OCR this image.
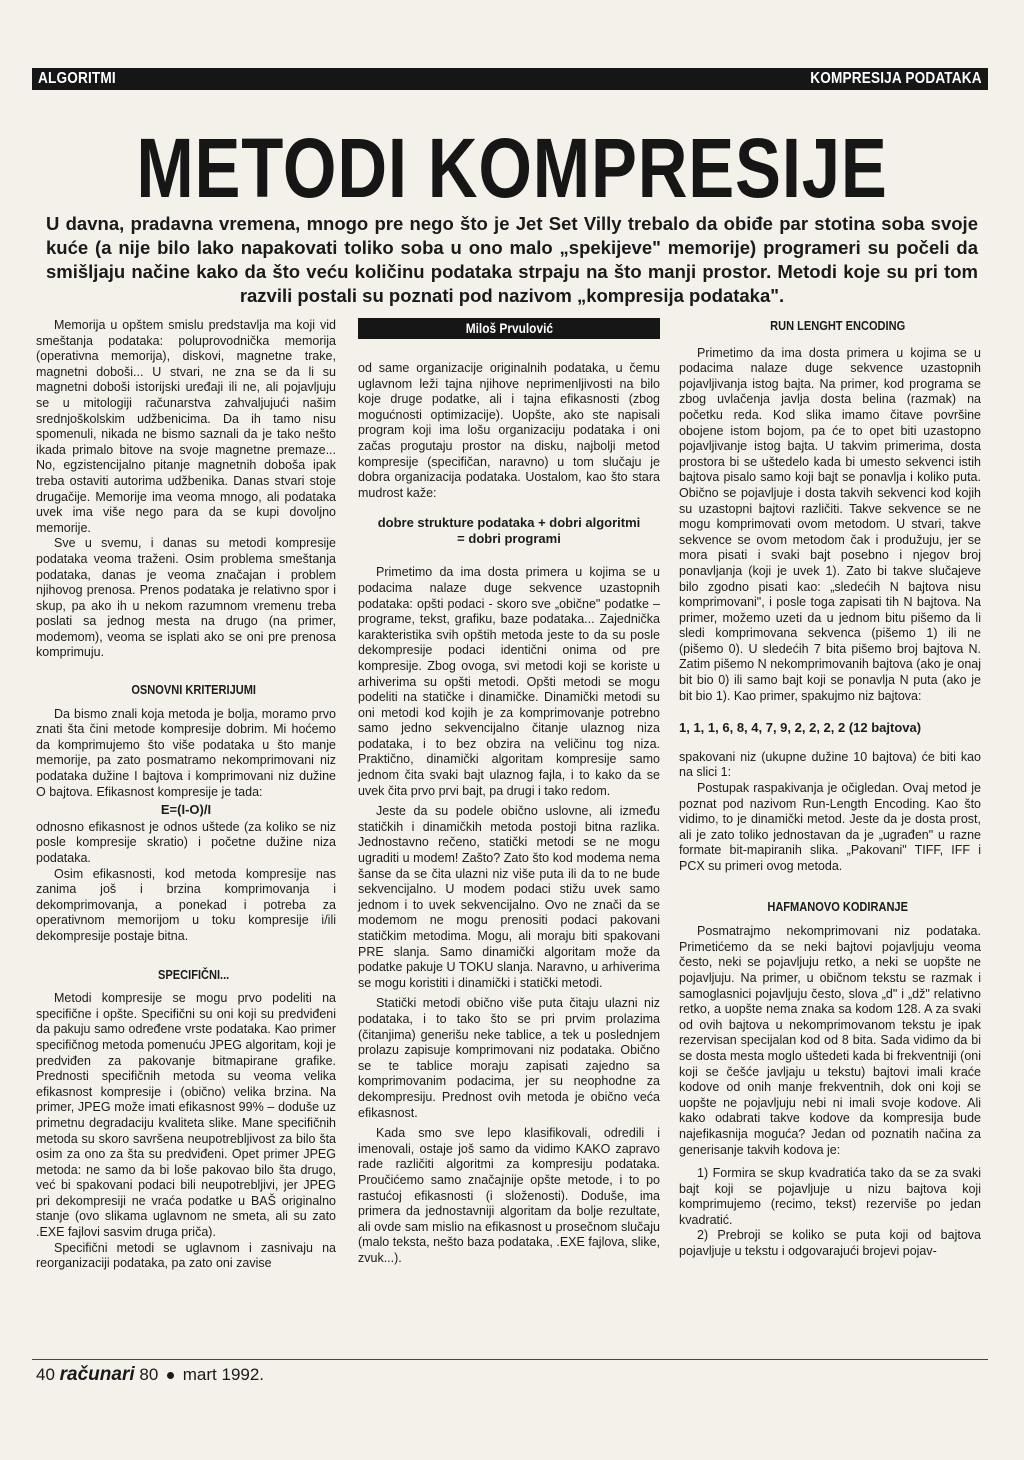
ALGORITMI	KOMPRESIJA PODATAKA
METODI KOMPRESIJE
U davna, pradavna vremena, mnogo pre nego što je Jet Set Villy trebalo da obiđe par stotina soba svoje kuće (a nije bilo lako napakovati toliko soba u ono malo „spekijeve" memorije) programeri su počeli da smišljaju načine kako da što veću količinu podataka strpaju na što manji prostor. Metodi koje su pri tom razvili postali su poznati pod nazivom „kompresija podataka".

Memorija u opštem smislu predstavlja ma koji vid smeštanja podataka: poluprovodnička memorija (operativna memorija), diskovi, magnetne trake, magnetni doboši... U stvari, ne zna se da li su magnetni doboši istorijski uređaji ili ne, ali pojavljuju se u mitologiji računarstva zahvaljujući našim srednjoškolskim udžbenicima. Da ih tamo nisu spomenuli, nikada ne bismo saznali da je tako nešto ikada primalo bitove na svoje magnetne premaze... No, egzistencijalno pitanje magnetnih doboša ipak treba ostaviti autorima udžbenika. Danas stvari stoje drugačije. Memorije ima veoma mnogo, ali podataka uvek ima više nego para da se kupi dovoljno memorije.

Sve u svemu, i danas su metodi kompresije podataka veoma traženi. Osim problema smeštanja podataka, danas je veoma značajan i problem njihovog prenosa. Prenos podataka je relativno spor i skup, pa ako ih u nekom razumnom vremenu treba poslati sa jednog mesta na drugo (na primer, modemom), veoma se isplati ako se oni pre prenosa komprimuju.

OSNOVNI KRITERIJUMI

Da bismo znali koja metoda je bolja, moramo prvo znati šta čini metode kompresije dobrim. Mi hoćemo da komprimujemo što više podataka u što manje memorije, pa zato posmatramo nekomprimovani niz podataka dužine I bajtova i komprimovani niz dužine O bajtova. Efikasnost kompresije je tada:

E=(I-O)/I

odnosno efikasnost je odnos uštede (za koliko se niz posle kompresije skratio) i početne dužine niza podataka.

Osim efikasnosti, kod metoda kompresije nas zanima još i brzina komprimovanja i dekomprimovanja, a ponekad i potreba za operativnom memorijom u toku kompresije i/ili dekompresije postaje bitna.

SPECIFIČNI...

Metodi kompresije se mogu prvo podeliti na specifične i opšte. Specifični su oni koji su predviđeni da pakuju samo određene vrste podataka. Kao primer specifičnog metoda pomenuću JPEG algoritam, koji je predviđen za pakovanje bitmapirane grafike. Prednosti specifičnih metoda su veoma velika efikasnost kompresije i (obično) velika brzina. Na primer, JPEG može imati efikasnost 99% – doduše uz primetnu degradaciju kvaliteta slike. Mane specifičnih metoda su skoro savršena neupotrebljivost za bilo šta osim za ono za šta su predviđeni. Opet primer JPEG metoda: ne samo da bi loše pakovao bilo šta drugo, već bi spakovani podaci bili neupotrebljivi, jer JPEG pri dekompresiji ne vraća podatke u BAŠ originalno stanje (ovo slikama uglavnom ne smeta, ali su zato .EXE fajlovi sasvim druga priča).

Specifični metodi se uglavnom i zasnivaju na reorganizaciji podataka, pa zato oni zavise

Miloš Prvulović

od same organizacije originalnih podataka, u čemu uglavnom leži tajna njihove neprimenljivosti na bilo koje druge podatke, ali i tajna efikasnosti (zbog mogućnosti optimizacije). Uopšte, ako ste napisali program koji ima lošu organizaciju podataka i oni začas progutaju prostor na disku, najbolji metod kompresije (specifičan, naravno) u tom slučaju je dobra organizacija podataka. Uostalom, kao što stara mudrost kaže:

dobre strukture podataka + dobri algoritmi
= dobri programi

Primetimo da ima dosta primera u kojima se u podacima nalaze duge sekvence uzastopnih podataka: opšti podaci - skoro sve „obične" podatke – programe, tekst, grafiku, baze podataka... Zajednička karakteristika svih opštih metoda jeste to da su posle dekompresije podaci identični onima od pre kompresije. Zbog ovoga, svi metodi koji se koriste u arhiverima su opšti metodi. Opšti metodi se mogu podeliti na statičke i dinamičke. Dinamički metodi su oni metodi kod kojih je za komprimovanje potrebno samo jedno sekvencijalno čitanje ulaznog niza podataka, i to bez obzira na veličinu tog niza. Praktično, dinamički algoritam kompresije samo jednom čita svaki bajt ulaznog fajla, i to kako da se uvek čita prvo prvi bajt, pa drugi i tako redom.

Jeste da su podele obično uslovne, ali između statičkih i dinamičkih metoda postoji bitna razlika. Jednostavno rečeno, statički metodi se ne mogu ugraditi u modem! Zašto? Zato što kod modema nema šanse da se čita ulazni niz više puta ili da to ne bude sekvencijalno. U modem podaci stižu uvek samo jednom i to uvek sekvencijalno. Ovo ne znači da se modemom ne mogu prenositi podaci pakovani statičkim metodima. Mogu, ali moraju biti spakovani PRE slanja. Samo dinamički algoritam može da podatke pakuje U TOKU slanja. Naravno, u arhiverima se mogu koristiti i dinamički i statički metodi.

Statički metodi obično više puta čitaju ulazni niz podataka, i to tako što se pri prvim prolazima (čitanjima) generišu neke tablice, a tek u poslednjem prolazu zapisuje komprimovani niz podataka. Obično se te tablice moraju zapisati zajedno sa komprimovanim podacima, jer su neophodne za dekompresiju. Prednost ovih metoda je obično veća efikasnost.

Kada smo sve lepo klasifikovali, odredili i imenovali, ostaje još samo da vidimo KAKO zapravo rade različiti algoritmi za kompresiju podataka. Proučićemo samo značajnije opšte metode, i to po rastućoj efikasnosti (i složenosti). Doduše, ima primera da jednostavniji algoritam da bolje rezultate, ali ovde sam mislio na efikasnost u prosečnom slučaju (malo teksta, nešto baza podataka, .EXE fajlova, slike, zvuk...).

RUN LENGHT ENCODING

Primetimo da ima dosta primera u kojima se u podacima nalaze duge sekvence uzastopnih pojavljivanja istog bajta. Na primer, kod programa se zbog uvlačenja javlja dosta belina (razmak) na početku reda. Kod slika imamo čitave površine obojene istom bojom, pa će to opet biti uzastopno pojavljivanje istog bajta. U takvim primerima, dosta prostora bi se uštedelo kada bi umesto sekvenci istih bajtova pisalo samo koji bajt se ponavlja i koliko puta. Obično se pojavljuje i dosta takvih sekvenci kod kojih su uzastopni bajtovi različiti. Takve sekvence se ne mogu komprimovati ovom metodom. U stvari, takve sekvence se ovom metodom čak i produžuju, jer se mora pisati i svaki bajt posebno i njegov broj ponavljanja (koji je uvek 1). Zato bi takve slučajeve bilo zgodno pisati kao: „sledećih N bajtova nisu komprimovani", i posle toga zapisati tih N bajtova. Na primer, možemo uzeti da u jednom bitu pišemo da li sledi komprimovana sekvenca (pišemo 1) ili ne (pišemo 0). U sledećih 7 bita pišemo broj bajtova N. Zatim pišemo N nekomprimovanih bajtova (ako je onaj bit bio 0) ili samo bajt koji se ponavlja N puta (ako je bit bio 1). Kao primer, spakujmo niz bajtova:

1, 1, 1, 6, 8, 4, 7, 9, 2, 2, 2, 2 (12 bajtova)

spakovani niz (ukupne dužine 10 bajtova) će biti kao na slici 1:

Postupak raspakivanja je očigledan. Ovaj metod je poznat pod nazivom Run-Length Encoding. Kao što vidimo, to je dinamički metod. Jeste da je dosta prost, ali je zato toliko jednostavan da je „ugrađen" u razne formate bit-mapiranih slika. „Pakovani" TIFF, IFF i PCX su primeri ovog metoda.

HAFMANOVO KODIRANJE

Posmatrajmo nekomprimovani niz podataka. Primetićemo da se neki bajtovi pojavljuju veoma često, neki se pojavljuju retko, a neki se uopšte ne pojavljuju. Na primer, u običnom tekstu se razmak i samoglasnici pojavljuju često, slova „d" i „dž" relativno retko, a uopšte nema znaka sa kodom 128. A za svaki od ovih bajtova u nekomprimovanom tekstu je ipak rezervisan specijalan kod od 8 bita. Sada vidimo da bi se dosta mesta moglo uštedeti kada bi frekventniji (oni koji se češće javljaju u tekstu) bajtovi imali kraće kodove od onih manje frekventnih, dok oni koji se uopšte ne pojavljuju nebi ni imali svoje kodove. Ali kako odabrati takve kodove da kompresija bude najefikasnija moguća? Jedan od poznatih načina za generisanje takvih kodova je:

1) Formira se skup kvadratića tako da se za svaki bajt koji se pojavljuje u nizu bajtova koji komprimujemo (recimo, tekst) rezerviše po jedan kvadratić.

2) Prebroji se koliko se puta koji od bajtova pojavljuje u tekstu i odgovarajući brojevi pojav-

40 računari 80 mart 1992.
